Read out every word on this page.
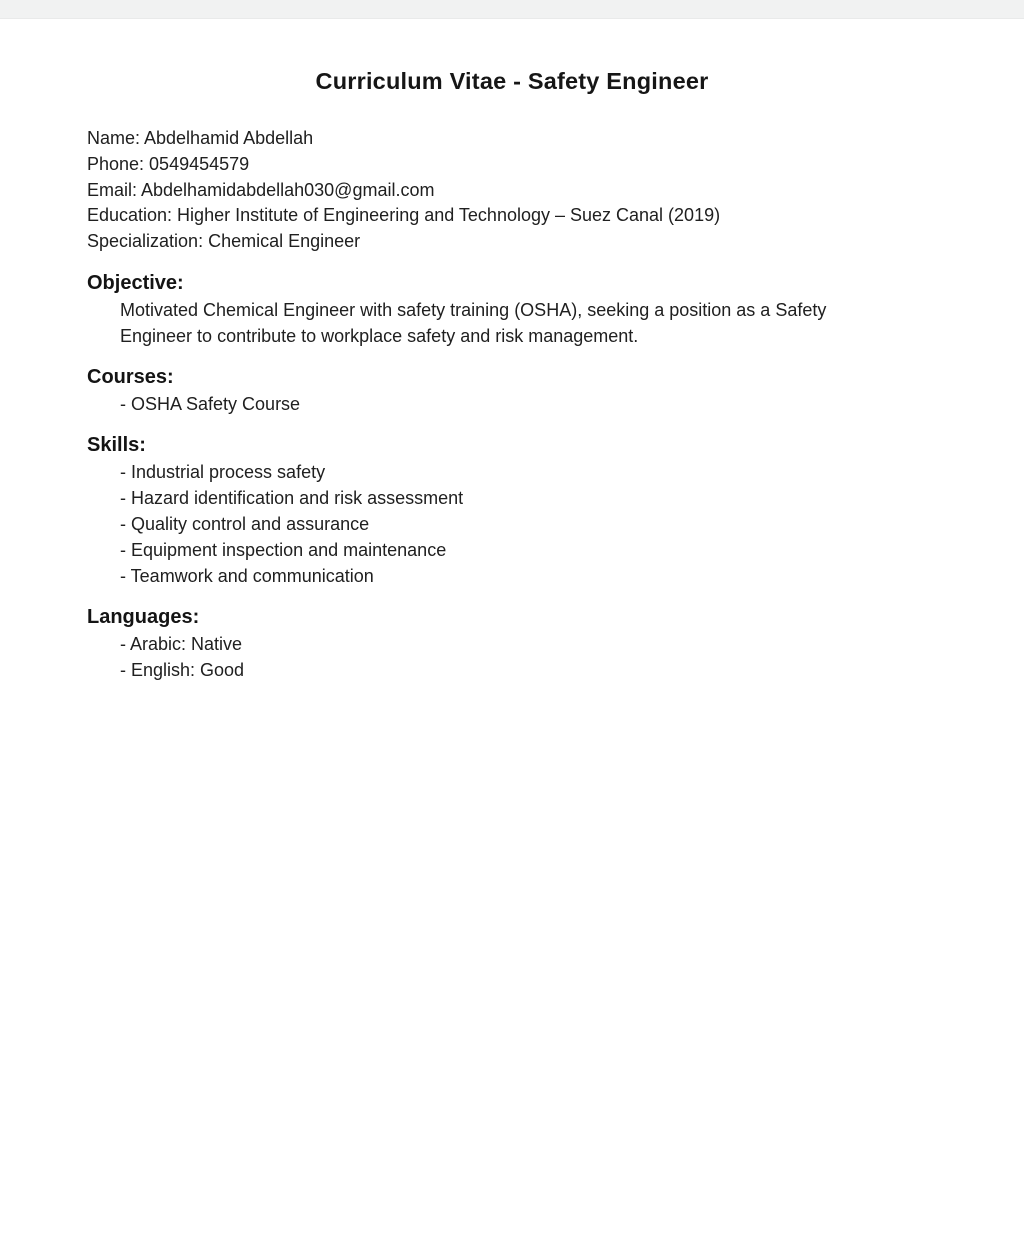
Curriculum Vitae - Safety Engineer
Name: Abdelhamid Abdellah
Phone: 0549454579
Email: Abdelhamidabdellah030@gmail.com
Education: Higher Institute of Engineering and Technology – Suez Canal (2019)
Specialization: Chemical Engineer
Objective:

Motivated Chemical Engineer with safety training (OSHA), seeking a position as a Safety Engineer to contribute to workplace safety and risk management.

Courses:
- OSHA Safety Course
Skills:
- Industrial process safety
- Hazard identification and risk assessment
- Quality control and assurance
- Equipment inspection and maintenance
- Teamwork and communication
Languages:
- Arabic: Native
- English: Good
